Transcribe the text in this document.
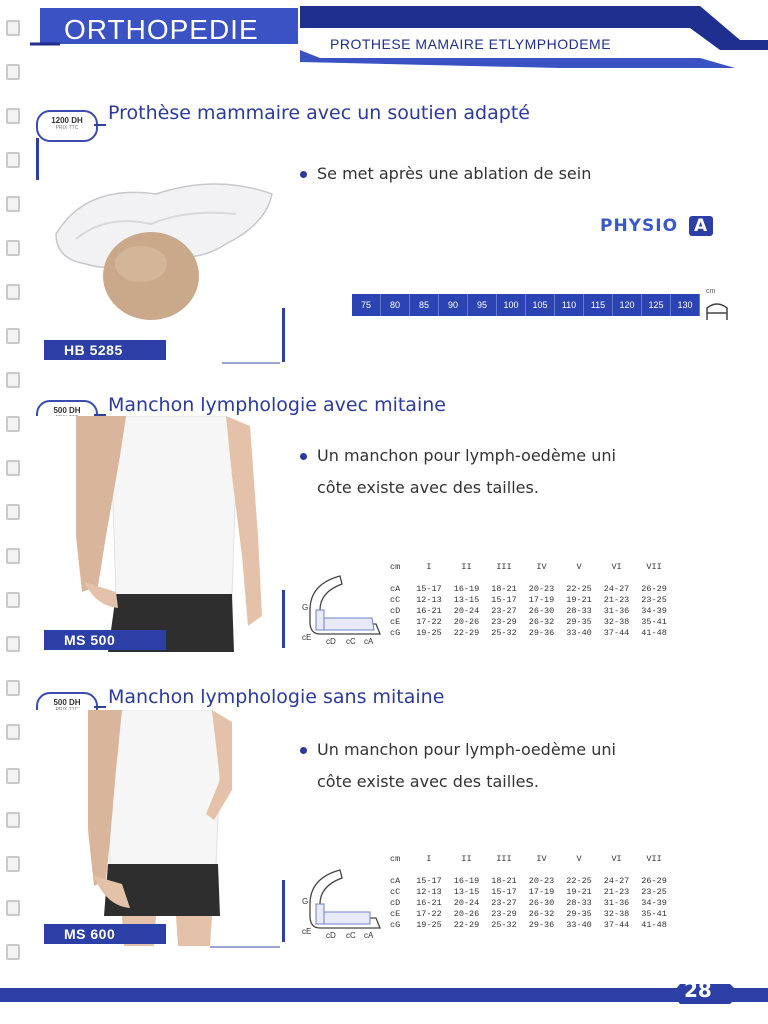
ORTHOPEDIE	PROTHESE MAMAIRE ETLYMPHODEME
1200 DH
PRIX TTC
Prothèse mammaire avec un soutien adapté
PHYSIO A
Se met après une ablation de sein
75	80	85	90	95	100	105	110	115	120	125	130
cm
HB 5285
500 DH	Manchon lymphologie avec mitaine
Un manchon pour lymph-oedème uni
côte existe avec des tailles.
G
cE cD cC cA
cm	I	II	III	IV	V	VI	VII

cA	15-17	16-19	18-21	20-23	22-25	24-27	26-29
cC	12-13	13-15	15-17	17-19	19-21	21-23	23-25
cD	16-21	20-24	23-27	26-30	28-33	31-36	34-39
cE	17-22	20-26	23-29	26-32	29-35	32-38	35-41
cG	19-25	22-29	25-32	29-36	33-40	37-44	41-48
MS 500
500 DH	Manchon lymphologie sans mitaine
Un manchon pour lymph-oedème uni
côte existe avec des tailles.
G
cE cD cC cA
cm	I	II	III	IV	V	VI	VII

cA	15-17	16-19	18-21	20-23	22-25	24-27	26-29
cC	12-13	13-15	15-17	17-19	19-21	21-23	23-25
cD	16-21	20-24	23-27	26-30	28-33	31-36	34-39
cE	17-22	20-26	23-29	26-32	29-35	32-38	35-41
cG	19-25	22-29	25-32	29-36	33-40	37-44	41-48
MS 600
28
